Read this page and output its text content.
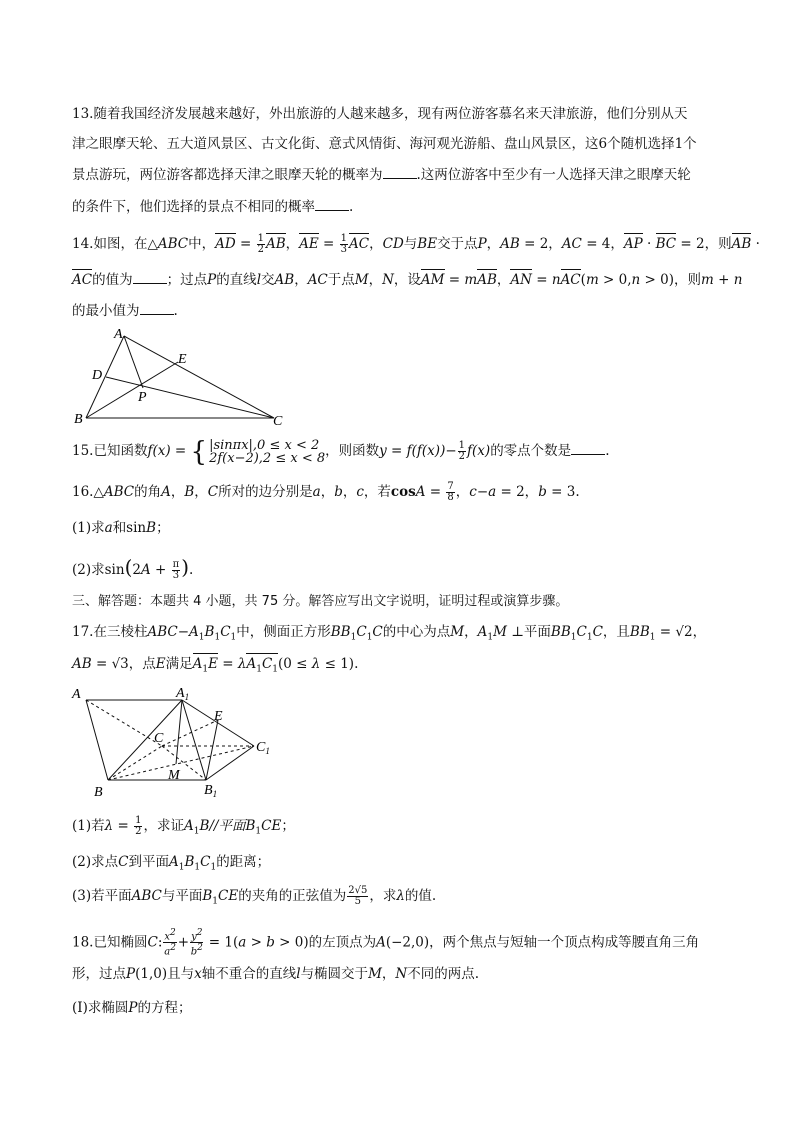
13.随着我国经济发展越来越好，外出旅游的人越来越多，现有两位游客慕名来天津旅游，他们分别从天
津之眼摩天轮、五大道风景区、古文化街、意式风情街、海河观光游船、盘山风景区，这6个随机选择1个
景点游玩，两位游客都选择天津之眼摩天轮的概率为	.这两位游客中至少有一人选择天津之眼摩天轮
的条件下，他们选择的景点不相同的概率	.
14.如图，在△ABC中，AD = $\frac{1}{2}$ AB，AE = $\frac{1}{3}$ AC，CD与BE交于点P，AB = 2，AC = 4，AP · BC = 2，则AB ·
AC的值为	；过点P的直线l交AB，AC于点M，N，设AM = mAB，AN = nAC(m > 0,n > 0)，则m + n
的最小值为	.
A
B	C
D
E
P
15.已知函数f(x) = { |sinπx|,0 ≤ x < 2
2f(x−2),2 ≤ x < 8 ，则函数$y = f(f(x))- \frac{1}{2} f(x)$的零点个数是	.
16.△ABC的角A，B，C所对的边分别是a，b，c，若$\cos A = \frac{7}{8}$ ，c−a = 2，b = 3.
(1)求a和sinB；
(2)求$\sin(2A + \frac{\pi}{3}$ ).
三、解答题：本题共 4 小题，共 75 分。解答应写出文字说明，证明过程或演算步骤。
17.在三棱柱$ABC-A_1B_1C_1$中，侧面正方形$BB_1C_1C$的中心为点M，$A_1M$ ⊥平面$BB_1C_1C$，且$BB_1 = √2$，
AB = √3，点E满足$A_1E = \lambda A_1C_1(0 \le \lambda \le 1)$.
A	$A_1$
E
C
$C_1$
M
B	$B_1$
(1)若$\lambda = \frac{1}{2}$ ，求证$A_1B//$平面$B_1CE$；
(2)求点C到平面$A_1B_1C_1$的距离；
(3)若平面ABC与平面$B_1CE$的夹角的正弦值为 $\frac{2√5}{5}$ ，求λ的值.
18.已知椭圆C: $\frac{x^2}{a^2} + \frac{y^2}{b^2} = 1(a > b > 0)$的左顶点为A(−2,0)，两个焦点与短轴一个顶点构成等腰直角三角
形，过点P(1,0)且与x轴不重合的直线l与椭圆交于M，N不同的两点.
(Ⅰ)求椭圆P的方程；
